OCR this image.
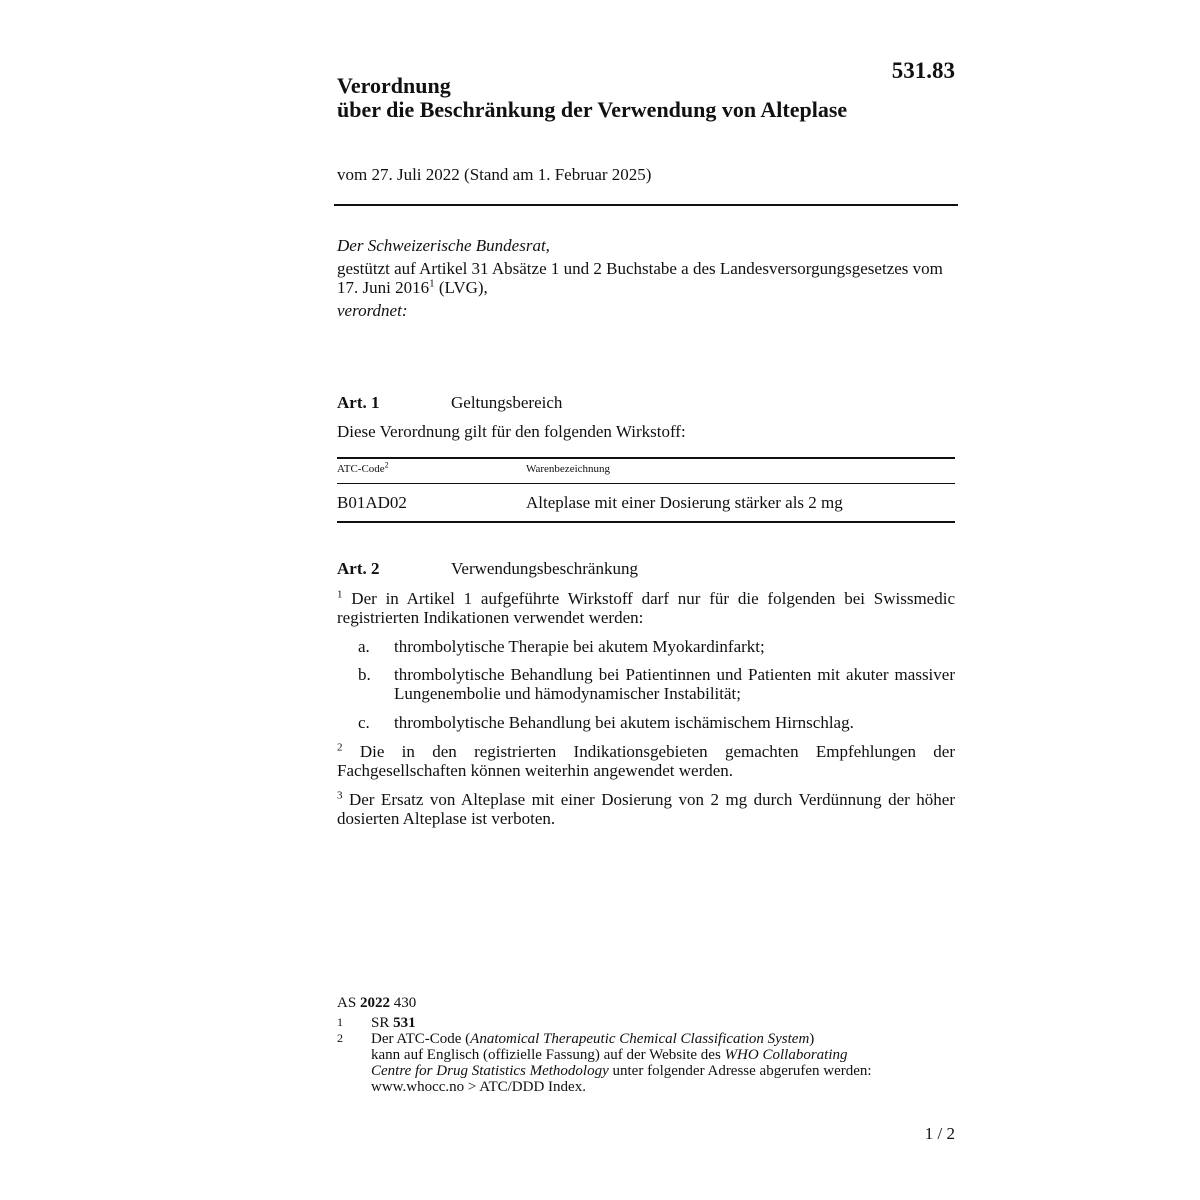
531.83
Verordnung
über die Beschränkung der Verwendung von Alteplase
vom 27. Juli 2022 (Stand am 1. Februar 2025)
Der Schweizerische Bundesrat,
gestützt auf Artikel 31 Absätze 1 und 2 Buchstabe a des Landesversorgungsgesetzes vom 17. Juni 2016$^1$ (LVG),
verordnet:
Art. 1	Geltungsbereich
Diese Verordnung gilt für den folgenden Wirkstoff:
ATC-Code$^2$	Warenbezeichnung
B01AD02	Alteplase mit einer Dosierung stärker als 2 mg
Art. 2	Verwendungsbeschränkung
$^1$ Der in Artikel 1 aufgeführte Wirkstoff darf nur für die folgenden bei Swissmedic registrierten Indikationen verwendet werden:
a. thrombolytische Therapie bei akutem Myokardinfarkt;
b. thrombolytische Behandlung bei Patientinnen und Patienten mit akuter massiver Lungenembolie und hämodynamischer Instabilität;
c. thrombolytische Behandlung bei akutem ischämischem Hirnschlag.
$^2$ Die in den registrierten Indikationsgebieten gemachten Empfehlungen der Fachgesellschaften können weiterhin angewendet werden.
$^3$ Der Ersatz von Alteplase mit einer Dosierung von 2 mg durch Verdünnung der höher dosierten Alteplase ist verboten.
AS 2022 430
1 SR 531
2 Der ATC-Code (Anatomical Therapeutic Chemical Classification System)
kann auf Englisch (offizielle Fassung) auf der Website des WHO Collaborating
Centre for Drug Statistics Methodology unter folgender Adresse abgerufen werden:
www.whocc.no > ATC/DDD Index.
1 / 2
